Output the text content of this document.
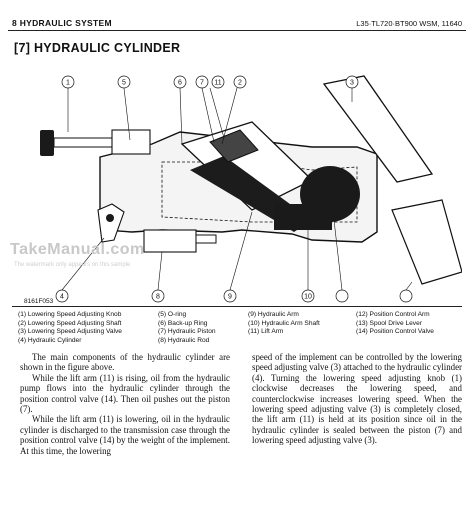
8 HYDRAULIC SYSTEM	L35·TL720·BT900 WSM, 11640
[7] HYDRAULIC CYLINDER
1	5	6	7 11 2	3
4	8	9	10
TakeManual.com
The watermark only appears on this sample
8161F053
(1) Lowering Speed Adjusting Knob
(2) Lowering Speed Adjusting Shaft
(3) Lowering Speed Adjusting Valve
(4) Hydraulic Cylinder
(5) O-ring
(6) Back-up Ring
(7) Hydraulic Piston
(8) Hydraulic Rod
(9) Hydraulic Arm
(10) Hydraulic Arm Shaft
(11) Lift Arm
(12) Position Control Arm
(13) Spool Drive Lever
(14) Position Control Valve

The main components of the hydraulic cylinder are shown in the figure above.

While the lift arm (11) is rising, oil from the hydraulic pump flows into the hydraulic cylinder through the position control valve (14). Then oil pushes out the piston (7).

While the lift arm (11) is lowering, oil in the hydraulic cylinder is discharged to the transmission case through the position control valve (14) by the weight of the implement. At this time, the lowering

speed of the implement can be controlled by the lowering speed adjusting valve (3) attached to the hydraulic cylinder (4). Turning the lowering speed adjusting knob (1) clockwise decreases the lowering speed, and counterclockwise increases lowering speed. When the lowering speed adjusting valve (3) is completely closed, the lift arm (11) is held at its position since oil in the hydraulic cylinder is sealed between the piston (7) and lowering speed adjusting valve (3).
